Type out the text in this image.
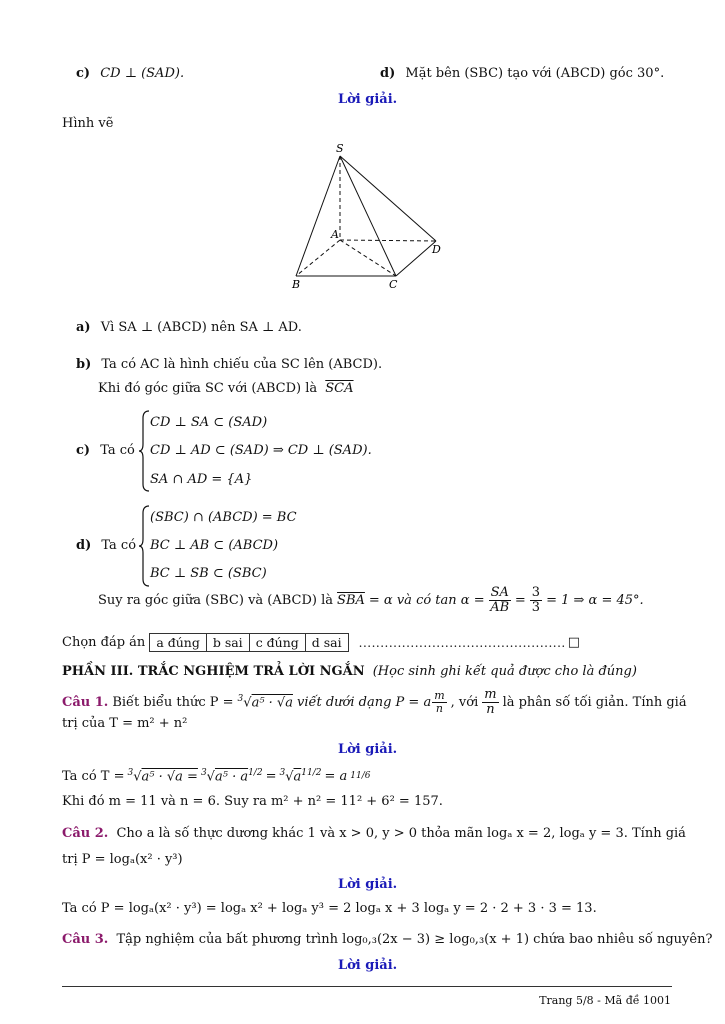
c) CD ⊥ (SAD).	d) Mặt bên (SBC) tạo với (ABCD) góc 30°.
Lời giải.
Hình vẽ
S
A
B	C
D
a) Vì SA ⊥ (ABCD) nên SA ⊥ AD.
b) Ta có AC là hình chiếu của SC lên (ABCD).
Khi đó góc giữa SC với (ABCD) là $\overline{SCA}$
c) Ta có
CD ⊥ SA ⊂ (SAD)
CD ⊥ AD ⊂ (SAD) ⇒ CD ⊥ (SAD).
SA ∩ AD = {A}
d) Ta có
(SBC) ∩ (ABCD) = BC
BC ⊥ AB ⊂ (ABCD)
BC ⊥ SB ⊂ (SBC)
Suy ra góc giữa (SBC) và (ABCD) là $\overline{SBA} = \alpha$ và có $\tan \alpha = \frac{SA}{AB} = \frac{3}{3} = 1$ ⇒ α = 45°.
Chọn đáp án a đúng	b sai	c đúng	d sai ................................................ □
PHẦN III. TRẮC NGHIỆM TRẢ LỜI NGẮN (Học sinh ghi kết quả được cho là đúng)
Câu 1. Biết biểu thức P = $^3$√a⁵ · √a viết dưới dạng P = a $\frac{m}{n}$ , với $\frac{m}{n}$ là phân số tối giản. Tính giá
trị của T = m² + n²
Lời giải.
Ta có $T = ^3√a^5 \cdot √a = ^3√a^5 \cdot a^{1/2} = ^3√a^{11/2} = a$ 11/6
Khi đó m = 11 và n = 6. Suy ra m² + n² = 11² + 6² = 157.
Câu 2. Cho a là số thực dương khác 1 và x > 0, y > 0 thỏa mãn logₐ x = 2, logₐ y = 3. Tính giá
trị P = logₐ(x² · y³)
Lời giải.
Ta có P = logₐ(x² · y³) = logₐ x² + logₐ y³ = 2 logₐ x + 3 logₐ y = 2 · 2 + 3 · 3 = 13.
Câu 3. Tập nghiệm của bất phương trình log₀,₃(2x − 3) ≥ log₀,₃(x + 1) chứa bao nhiêu số nguyên?
Lời giải.
Trang 5/8 - Mã đề 1001
